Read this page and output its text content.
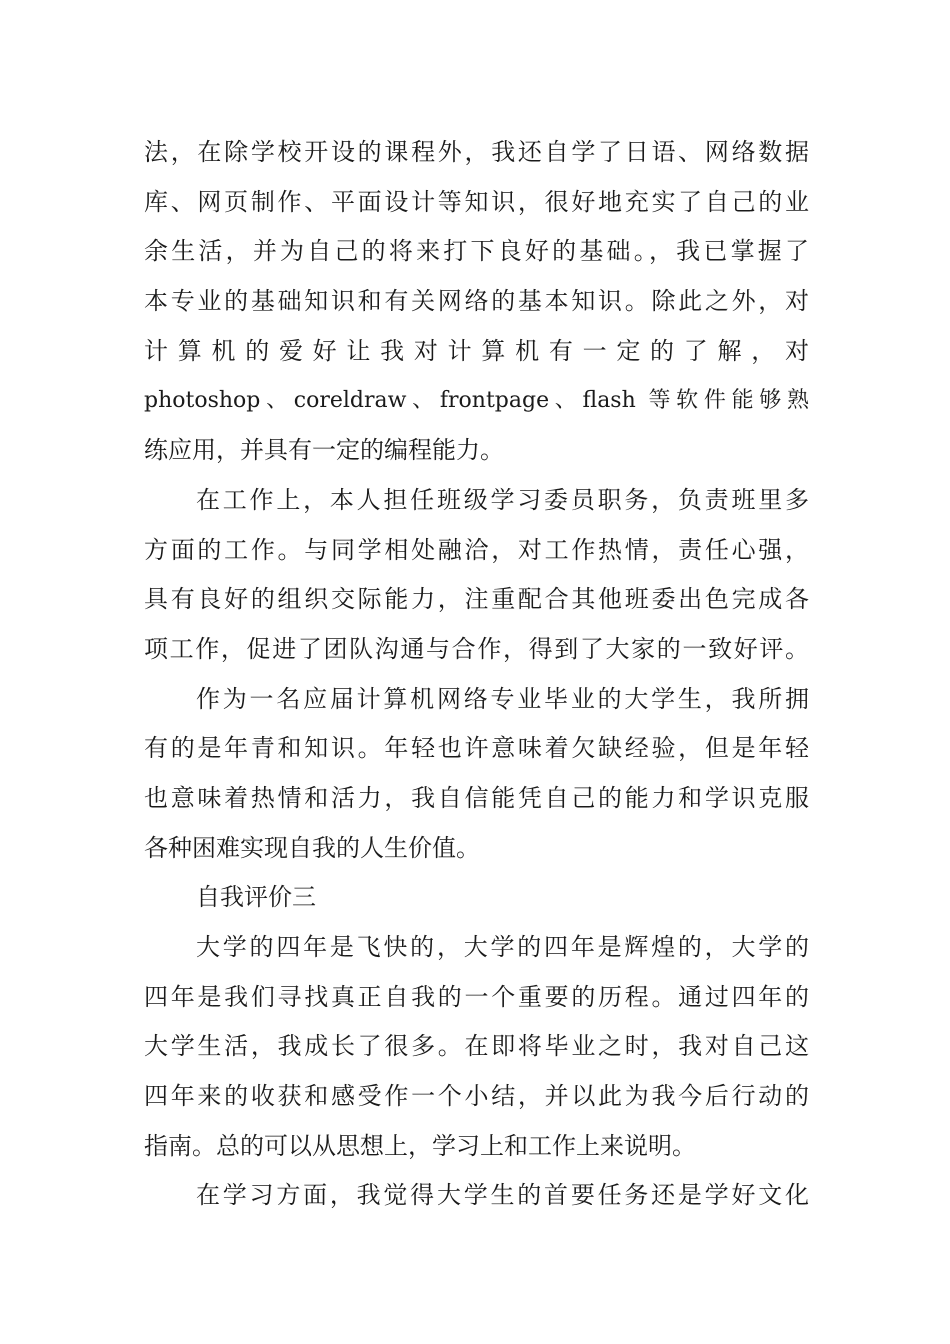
法，在除学校开设的课程外，我还自学了日语、网络数据
库、网页制作、平面设计等知识，很好地充实了自己的业
余生活，并为自己的将来打下良好的基础。，我已掌握了
本专业的基础知识和有关网络的基本知识。除此之外，对
计算机的爱好让我对计算机有一定的了解，对
photoshop、coreldraw、frontpage、flash 等软件能够熟
练应用，并具有一定的编程能力。
在工作上，本人担任班级学习委员职务，负责班里多
方面的工作。与同学相处融洽，对工作热情，责任心强，
具有良好的组织交际能力，注重配合其他班委出色完成各
项工作，促进了团队沟通与合作，得到了大家的一致好评。
作为一名应届计算机网络专业毕业的大学生，我所拥
有的是年青和知识。年轻也许意味着欠缺经验，但是年轻
也意味着热情和活力，我自信能凭自己的能力和学识克服
各种困难实现自我的人生价值。
自我评价三
大学的四年是飞快的，大学的四年是辉煌的，大学的
四年是我们寻找真正自我的一个重要的历程。通过四年的
大学生活，我成长了很多。在即将毕业之时，我对自己这
四年来的收获和感受作一个小结，并以此为我今后行动的
指南。总的可以从思想上，学习上和工作上来说明。
在学习方面，我觉得大学生的首要任务还是学好文化
